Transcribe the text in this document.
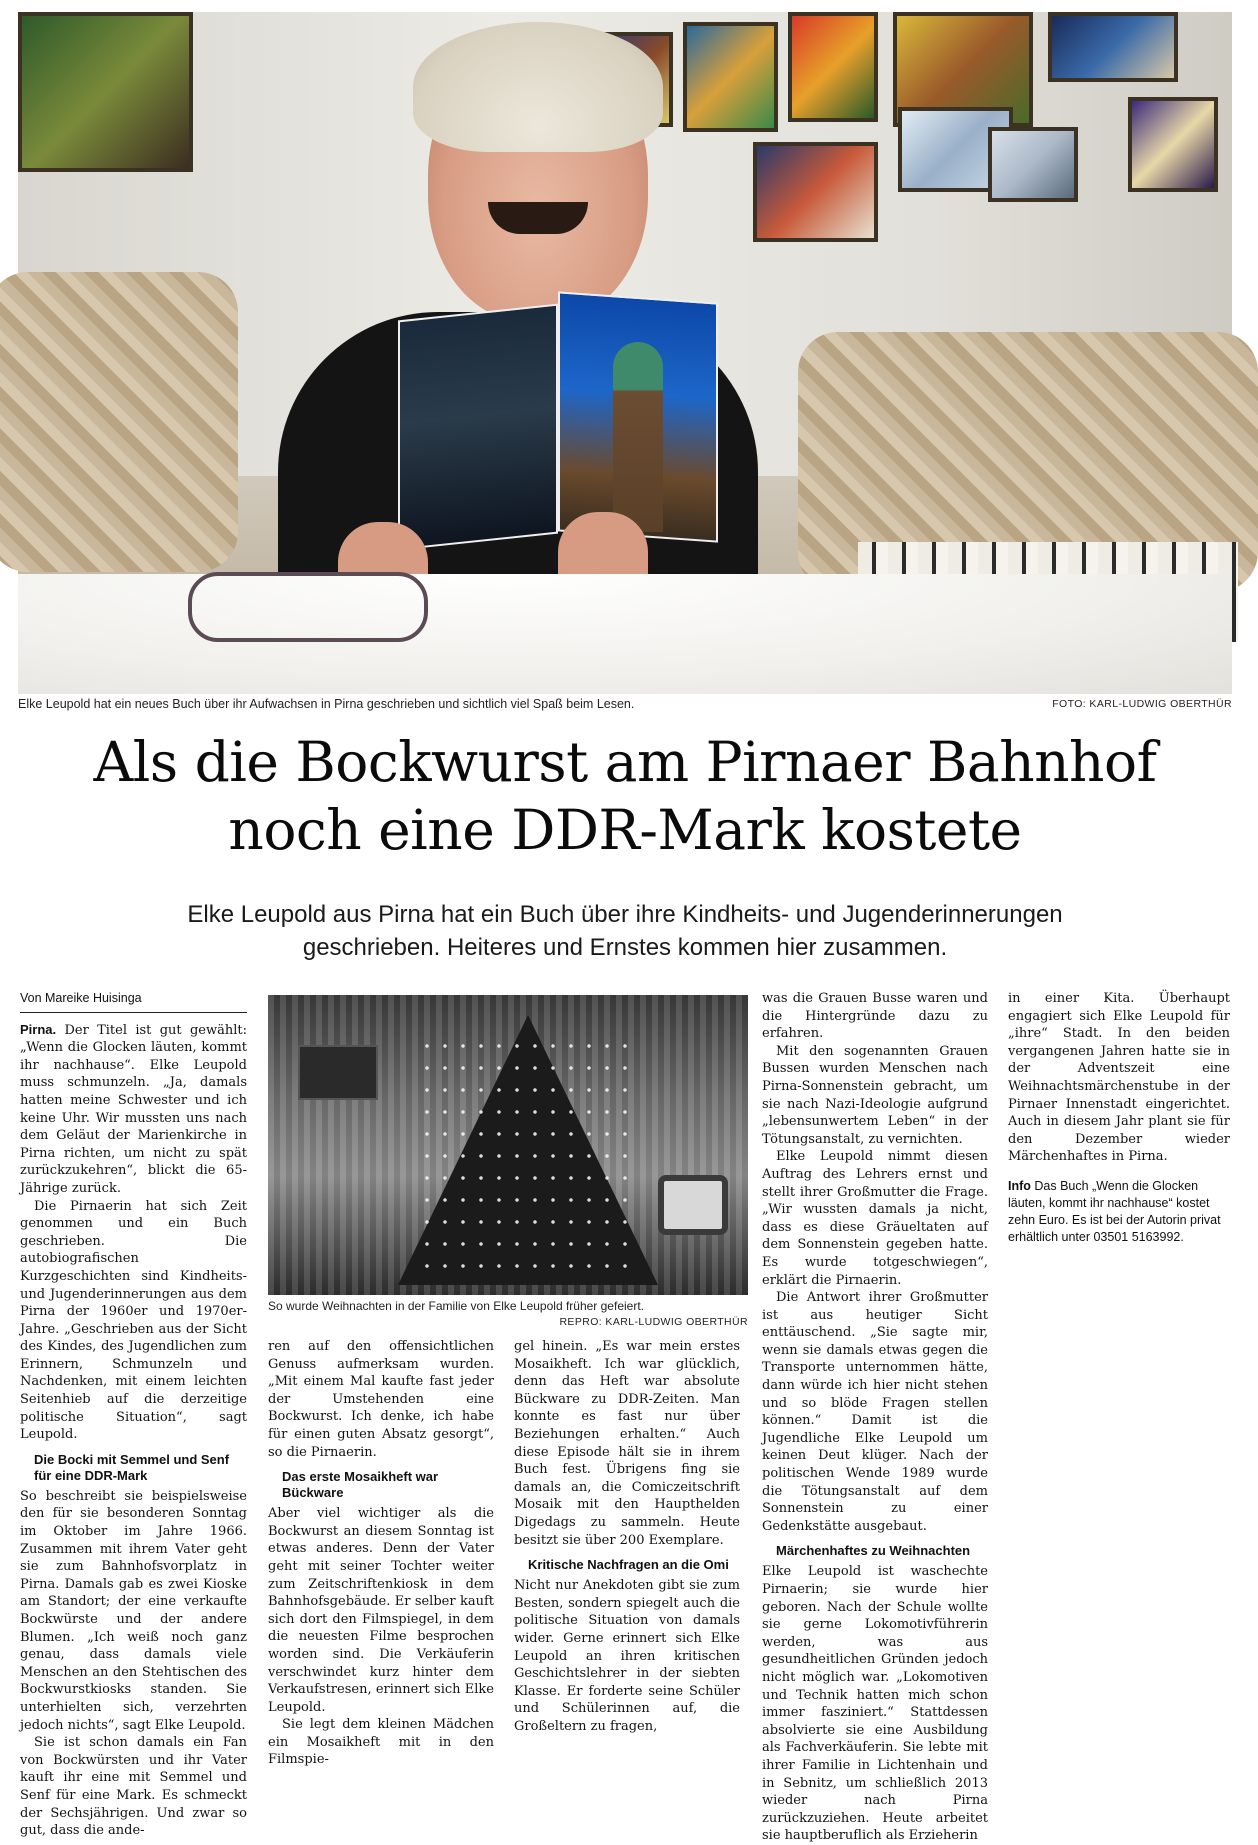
Elke Leupold hat ein neues Buch über ihr Aufwachsen in Pirna geschrieben und sichtlich viel Spaß beim Lesen.	FOTO: KARL-LUDWIG OBERTHÜR
Als die Bockwurst am Pirnaer Bahnhof
noch eine DDR-Mark kostete
Elke Leupold aus Pirna hat ein Buch über ihre Kindheits- und Jugenderinnerungen
geschrieben. Heiteres und Ernstes kommen hier zusammen.
Von Mareike Huisinga

Pirna. Der Titel ist gut gewählt: „Wenn die Glocken läuten, kommt ihr nachhause“. Elke Leupold muss schmunzeln. „Ja, damals hatten meine Schwester und ich keine Uhr. Wir mussten uns nach dem Geläut der Marienkirche in Pirna richten, um nicht zu spät zurückzukehren“, blickt die 65-Jährige zurück.

Die Pirnaerin hat sich Zeit genommen und ein Buch geschrieben. Die autobiografischen Kurzgeschichten sind Kindheits- und Jugenderinnerungen aus dem Pirna der 1960er und 1970er-Jahre. „Geschrieben aus der Sicht des Kindes, des Jugendlichen zum Erinnern, Schmunzeln und Nachdenken, mit einem leichten Seitenhieb auf die derzeitige politische Situation“, sagt Leupold.

Die Bocki mit Semmel und Senf für eine DDR-Mark

So beschreibt sie beispielsweise den für sie besonderen Sonntag im Oktober im Jahre 1966. Zusammen mit ihrem Vater geht sie zum Bahnhofsvorplatz in Pirna. Damals gab es zwei Kioske am Standort; der eine verkaufte Bockwürste und der andere Blumen. „Ich weiß noch ganz genau, dass damals viele Menschen an den Stehtischen des Bockwurstkiosks standen. Sie unterhielten sich, verzehrten jedoch nichts“, sagt Elke Leupold.

Sie ist schon damals ein Fan von Bockwürsten und ihr Vater kauft ihr eine mit Semmel und Senf für eine Mark. Es schmeckt der Sechsjährigen. Und zwar so gut, dass die ande-

So wurde Weihnachten in der Familie von Elke Leupold früher gefeiert.
REPRO: KARL-LUDWIG OBERTHÜR

ren auf den offensichtlichen Genuss aufmerksam wurden. „Mit einem Mal kaufte fast jeder der Umstehenden eine Bockwurst. Ich denke, ich habe für einen guten Absatz gesorgt“, so die Pirnaerin.

Das erste Mosaikheft war Bückware

Aber viel wichtiger als die Bockwurst an diesem Sonntag ist etwas anderes. Denn der Vater geht mit seiner Tochter weiter zum Zeitschriftenkiosk in dem Bahnhofsgebäude. Er selber kauft sich dort den Filmspiegel, in dem die neuesten Filme besprochen worden sind. Die Verkäuferin verschwindet kurz hinter dem Verkaufstresen, erinnert sich Elke Leupold.

Sie legt dem kleinen Mädchen ein Mosaikheft mit in den Filmspie-

gel hinein. „Es war mein erstes Mosaikheft. Ich war glücklich, denn das Heft war absolute Bückware zu DDR-Zeiten. Man konnte es fast nur über Beziehungen erhalten.“ Auch diese Episode hält sie in ihrem Buch fest. Übrigens fing sie damals an, die Comiczeitschrift Mosaik mit den Haupthelden Digedags zu sammeln. Heute besitzt sie über 200 Exemplare.

Kritische Nachfragen an die Omi

Nicht nur Anekdoten gibt sie zum Besten, sondern spiegelt auch die politische Situation von damals wider. Gerne erinnert sich Elke Leupold an ihren kritischen Geschichtslehrer in der siebten Klasse. Er forderte seine Schüler und Schülerinnen auf, die Großeltern zu fragen,

was die Grauen Busse waren und die Hintergründe dazu zu erfahren.

Mit den sogenannten Grauen Bussen wurden Menschen nach Pirna-Sonnenstein gebracht, um sie nach Nazi-Ideologie aufgrund „lebensunwertem Leben“ in der Tötungsanstalt, zu vernichten.

Elke Leupold nimmt diesen Auftrag des Lehrers ernst und stellt ihrer Großmutter die Frage. „Wir wussten damals ja nicht, dass es diese Gräueltaten auf dem Sonnenstein gegeben hatte. Es wurde totgeschwiegen“, erklärt die Pirnaerin.

Die Antwort ihrer Großmutter ist aus heutiger Sicht enttäuschend. „Sie sagte mir, wenn sie damals etwas gegen die Transporte unternommen hätte, dann würde ich hier nicht stehen und so blöde Fragen stellen können.“ Damit ist die Jugendliche Elke Leupold um keinen Deut klüger. Nach der politischen Wende 1989 wurde die Tötungsanstalt auf dem Sonnenstein zu einer Gedenkstätte ausgebaut.

Märchenhaftes zu Weihnachten

Elke Leupold ist waschechte Pirnaerin; sie wurde hier geboren. Nach der Schule wollte sie gerne Lokomotivführerin werden, was aus gesundheitlichen Gründen jedoch nicht möglich war. „Lokomotiven und Technik hatten mich schon immer fasziniert.“ Stattdessen absolvierte sie eine Ausbildung als Fachverkäuferin. Sie lebte mit ihrer Familie in Lichtenhain und in Sebnitz, um schließlich 2013 wieder nach Pirna zurückzuziehen. Heute arbeitet sie hauptberuflich als Erzieherin

in einer Kita. Überhaupt engagiert sich Elke Leupold für „ihre“ Stadt. In den beiden vergangenen Jahren hatte sie in der Adventszeit eine Weihnachtsmärchenstube in der Pirnaer Innenstadt eingerichtet. Auch in diesem Jahr plant sie für den Dezember wieder Märchenhaftes in Pirna.

Info Das Buch „Wenn die Glocken läuten, kommt ihr nachhause“ kostet zehn Euro. Es ist bei der Autorin privat erhältlich unter 03501 5163992.
